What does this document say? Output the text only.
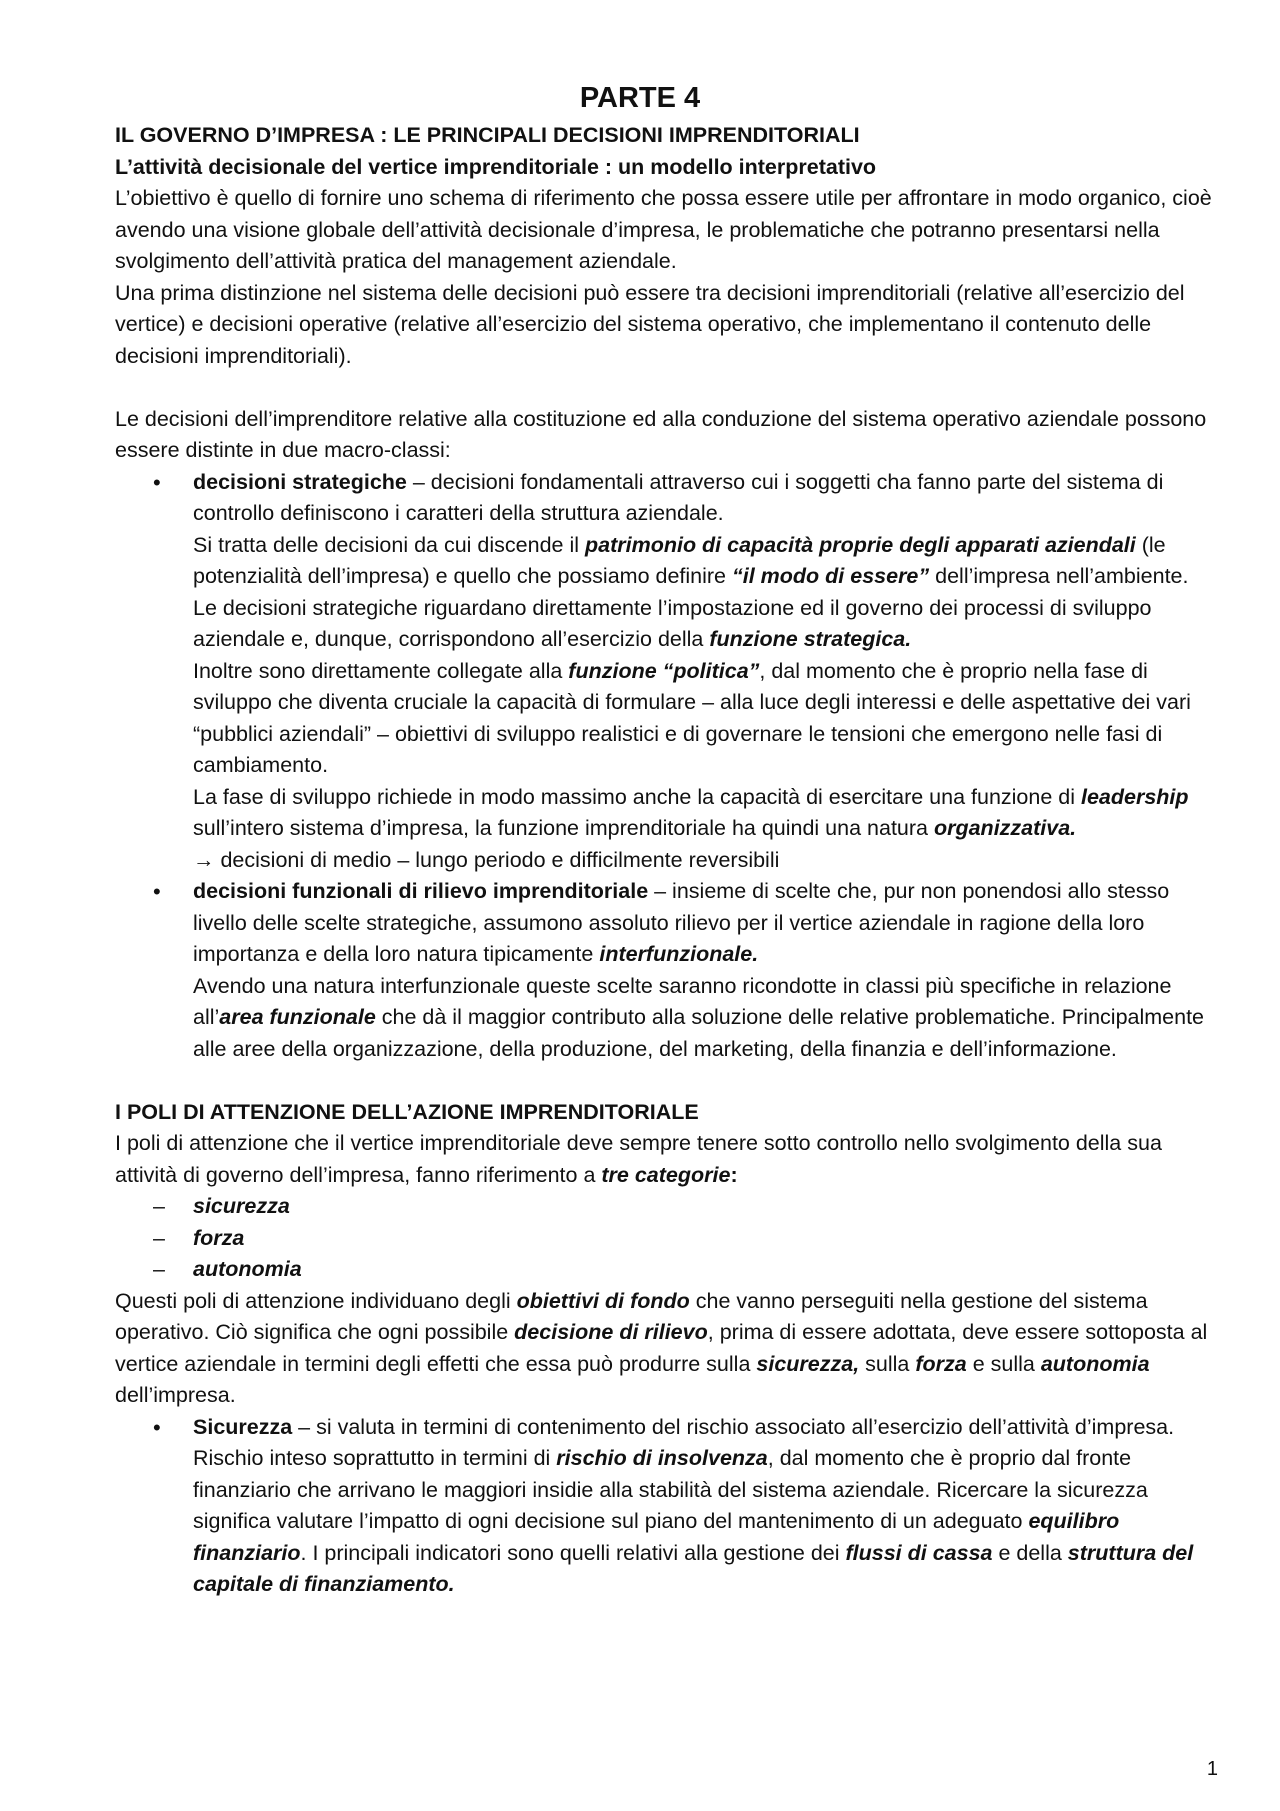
PARTE 4
IL GOVERNO D’IMPRESA : LE PRINCIPALI DECISIONI IMPRENDITORIALI
L’attività decisionale del vertice imprenditoriale : un modello interpretativo

L’obiettivo è quello di fornire uno schema di riferimento che possa essere utile per affrontare in modo organico, cioè avendo una visione globale dell’attività decisionale d’impresa, le problematiche che potranno presentarsi nella svolgimento dell’attività pratica del management aziendale.

Una prima distinzione nel sistema delle decisioni può essere tra decisioni imprenditoriali (relative all’esercizio del vertice) e decisioni operative (relative all’esercizio del sistema operativo, che implementano il contenuto delle decisioni imprenditoriali).

Le decisioni dell’imprenditore relative alla costituzione ed alla conduzione del sistema operativo aziendale possono essere distinte in due macro-classi:

• decisioni strategiche – decisioni fondamentali attraverso cui i soggetti cha fanno parte del sistema di controllo definiscono i caratteri della struttura aziendale.

Si tratta delle decisioni da cui discende il patrimonio di capacità proprie degli apparati aziendali (le potenzialità dell’impresa) e quello che possiamo definire “il modo di essere” dell’impresa nell’ambiente.

Le decisioni strategiche riguardano direttamente l’impostazione ed il governo dei processi di sviluppo aziendale e, dunque, corrispondono all’esercizio della funzione strategica.

Inoltre sono direttamente collegate alla funzione “politica”, dal momento che è proprio nella fase di sviluppo che diventa cruciale la capacità di formulare – alla luce degli interessi e delle aspettative dei vari “pubblici aziendali” – obiettivi di sviluppo realistici e di governare le tensioni che emergono nelle fasi di cambiamento.

La fase di sviluppo richiede in modo massimo anche la capacità di esercitare una funzione di leadership sull’intero sistema d’impresa, la funzione imprenditoriale ha quindi una natura organizzativa.

→ decisioni di medio – lungo periodo e difficilmente reversibili

• decisioni funzionali di rilievo imprenditoriale – insieme di scelte che, pur non ponendosi allo stesso livello delle scelte strategiche, assumono assoluto rilievo per il vertice aziendale in ragione della loro importanza e della loro natura tipicamente interfunzionale.

Avendo una natura interfunzionale queste scelte saranno ricondotte in classi più specifiche in relazione all’area funzionale che dà il maggior contributo alla soluzione delle relative problematiche. Principalmente alle aree della organizzazione, della produzione, del marketing, della finanzia e dell’informazione.

I POLI DI ATTENZIONE DELL’AZIONE IMPRENDITORIALE

I poli di attenzione che il vertice imprenditoriale deve sempre tenere sotto controllo nello svolgimento della sua attività di governo dell’impresa, fanno riferimento a tre categorie:

– sicurezza
– forza
– autonomia

Questi poli di attenzione individuano degli obiettivi di fondo che vanno perseguiti nella gestione del sistema operativo. Ciò significa che ogni possibile decisione di rilievo, prima di essere adottata, deve essere sottoposta al vertice aziendale in termini degli effetti che essa può produrre sulla sicurezza, sulla forza e sulla autonomia dell’impresa.

• Sicurezza – si valuta in termini di contenimento del rischio associato all’esercizio dell’attività d’impresa. Rischio inteso soprattutto in termini di rischio di insolvenza, dal momento che è proprio dal fronte finanziario che arrivano le maggiori insidie alla stabilità del sistema aziendale. Ricercare la sicurezza significa valutare l’impatto di ogni decisione sul piano del mantenimento di un adeguato equilibro finanziario. I principali indicatori sono quelli relativi alla gestione dei flussi di cassa e della struttura del capitale di finanziamento.

1
